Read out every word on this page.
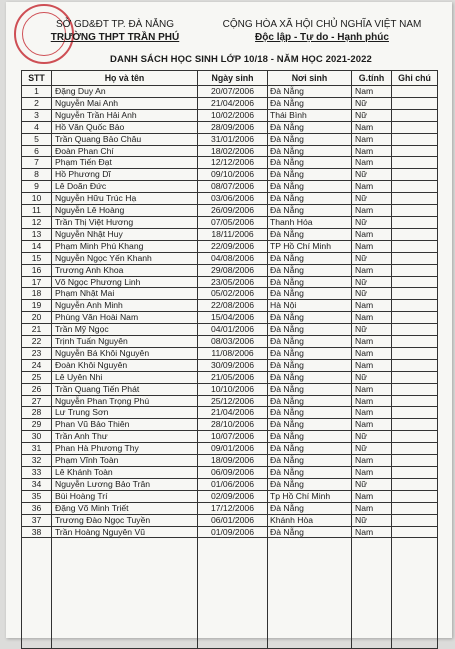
SỞ GD&ĐT TP. ĐÀ NẴNG
TRƯỜNG THPT TRẦN PHÚ
CỘNG HÒA XÃ HỘI CHỦ NGHĨA VIỆT NAM
Độc lập - Tự do - Hạnh phúc
DANH SÁCH HỌC SINH LỚP 10/18 - NĂM HỌC 2021-2022
STT	Họ và tên	Ngày sinh	Nơi sinh	G.tính	Ghi chú
1	Đặng Duy An	20/07/2006	Đà Nẵng	Nam	
2	Nguyễn Mai Anh	21/04/2006	Đà Nẵng	Nữ	
3	Nguyễn Trần Hải Anh	10/02/2006	Thái Bình	Nữ	
4	Hồ Văn Quốc Bảo	28/09/2006	Đà Nẵng	Nam	
5	Trần Quang Bảo Châu	31/01/2006	Đà Nẵng	Nam	
6	Đoàn Phan Chí	18/02/2006	Đà Nẵng	Nam	
7	Phạm Tiến Đạt	12/12/2006	Đà Nẵng	Nam	
8	Hồ Phương Dĩ	09/10/2006	Đà Nẵng	Nữ	
9	Lê Doãn Đức	08/07/2006	Đà Nẵng	Nam	
10	Nguyễn Hữu Trúc Hạ	03/06/2006	Đà Nẵng	Nữ	
11	Nguyễn Lê Hoàng	26/09/2006	Đà Nẵng	Nam	
12	Trần Thị Việt Hương	07/05/2006	Thanh Hóa	Nữ	
13	Nguyễn Nhật Huy	18/11/2006	Đà Nẵng	Nam	
14	Phạm Minh Phú Khang	22/09/2006	TP Hồ Chí Minh	Nam	
15	Nguyễn Ngọc Yến Khanh	04/08/2006	Đà Nẵng	Nữ	
16	Trương Anh Khoa	29/08/2006	Đà Nẵng	Nam	
17	Võ Ngọc Phương Linh	23/05/2006	Đà Nẵng	Nữ	
18	Phạm Nhật Mai	05/02/2006	Đà Nẵng	Nữ	
19	Nguyễn Anh Minh	22/08/2006	Hà Nội	Nam	
20	Phùng Văn Hoài Nam	15/04/2006	Đà Nẵng	Nam	
21	Trần Mỹ Ngọc	04/01/2006	Đà Nẵng	Nữ	
22	Trịnh Tuấn Nguyên	08/03/2006	Đà Nẵng	Nam	
23	Nguyễn Bá Khôi Nguyên	11/08/2006	Đà Nẵng	Nam	
24	Đoàn Khôi Nguyên	30/09/2006	Đà Nẵng	Nam	
25	Lê Uyên Nhi	21/05/2006	Đà Nẵng	Nữ	
26	Trần Quang Tiến Phát	10/10/2006	Đà Nẵng	Nam	
27	Nguyễn Phan Trọng Phú	25/12/2006	Đà Nẵng	Nam	
28	Lư Trung Sơn	21/04/2006	Đà Nẵng	Nam	
29	Phan Vũ Bảo Thiên	28/10/2006	Đà Nẵng	Nam	
30	Trần Anh Thư	10/07/2006	Đà Nẵng	Nữ	
31	Phan Hà Phương Thy	09/01/2006	Đà Nẵng	Nữ	
32	Phạm Vĩnh Toàn	18/09/2006	Đà Nẵng	Nam	
33	Lê Khánh Toàn	06/09/2006	Đà Nẵng	Nam	
34	Nguyễn Lương Bảo Trân	01/06/2006	Đà Nẵng	Nữ	
35	Bùi Hoàng Trí	02/09/2006	Tp Hồ Chí Minh	Nam	
36	Đặng Võ Minh Triết	17/12/2006	Đà Nẵng	Nam	
37	Trương Đào Ngọc Tuyền	06/01/2006	Khánh Hòa	Nữ	
38	Trần Hoàng Nguyên Vũ	01/09/2006	Đà Nẵng	Nam	
